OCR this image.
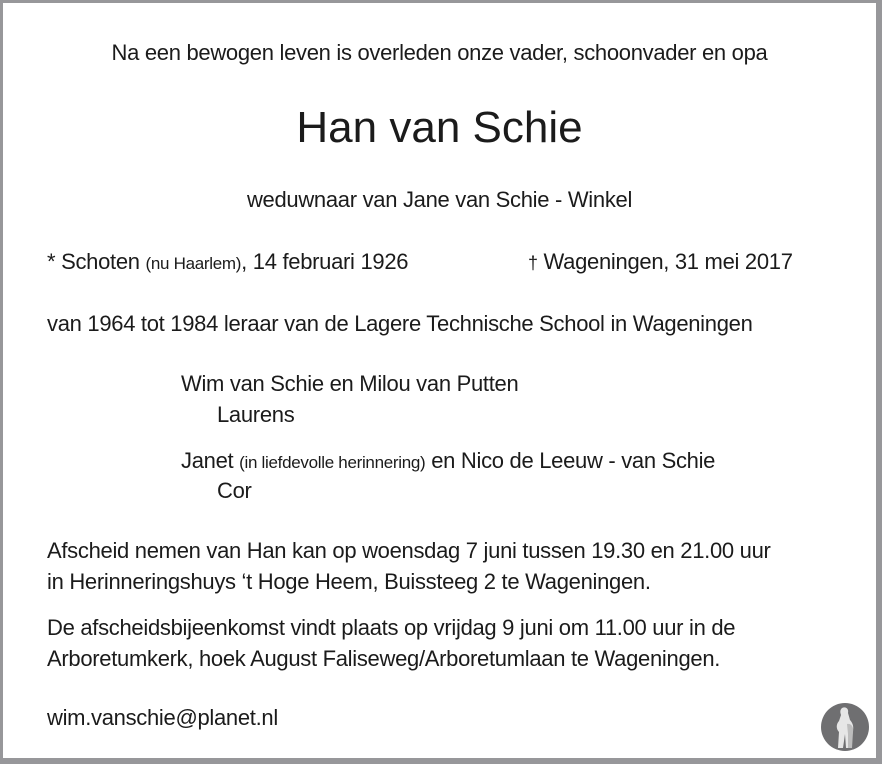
Na een bewogen leven is overleden onze vader, schoonvader en opa
Han van Schie
weduwnaar van Jane van Schie - Winkel
* Schoten (nu Haarlem), 14 februari 1926	† Wageningen, 31 mei 2017
van 1964 tot 1984 leraar van de Lagere Technische School in Wageningen
Wim van Schie en Milou van Putten
Laurens
Janet (in liefdevolle herinnering) en Nico de Leeuw - van Schie
Cor
Afscheid nemen van Han kan op woensdag 7 juni tussen 19.30 en 21.00 uur
in Herinneringshuys ‘t Hoge Heem, Buissteeg 2 te Wageningen.
De afscheidsbijeenkomst vindt plaats op vrijdag 9 juni om 11.00 uur in de
Arboretumkerk, hoek August Faliseweg/Arboretumlaan te Wageningen.
wim.vanschie@planet.nl
